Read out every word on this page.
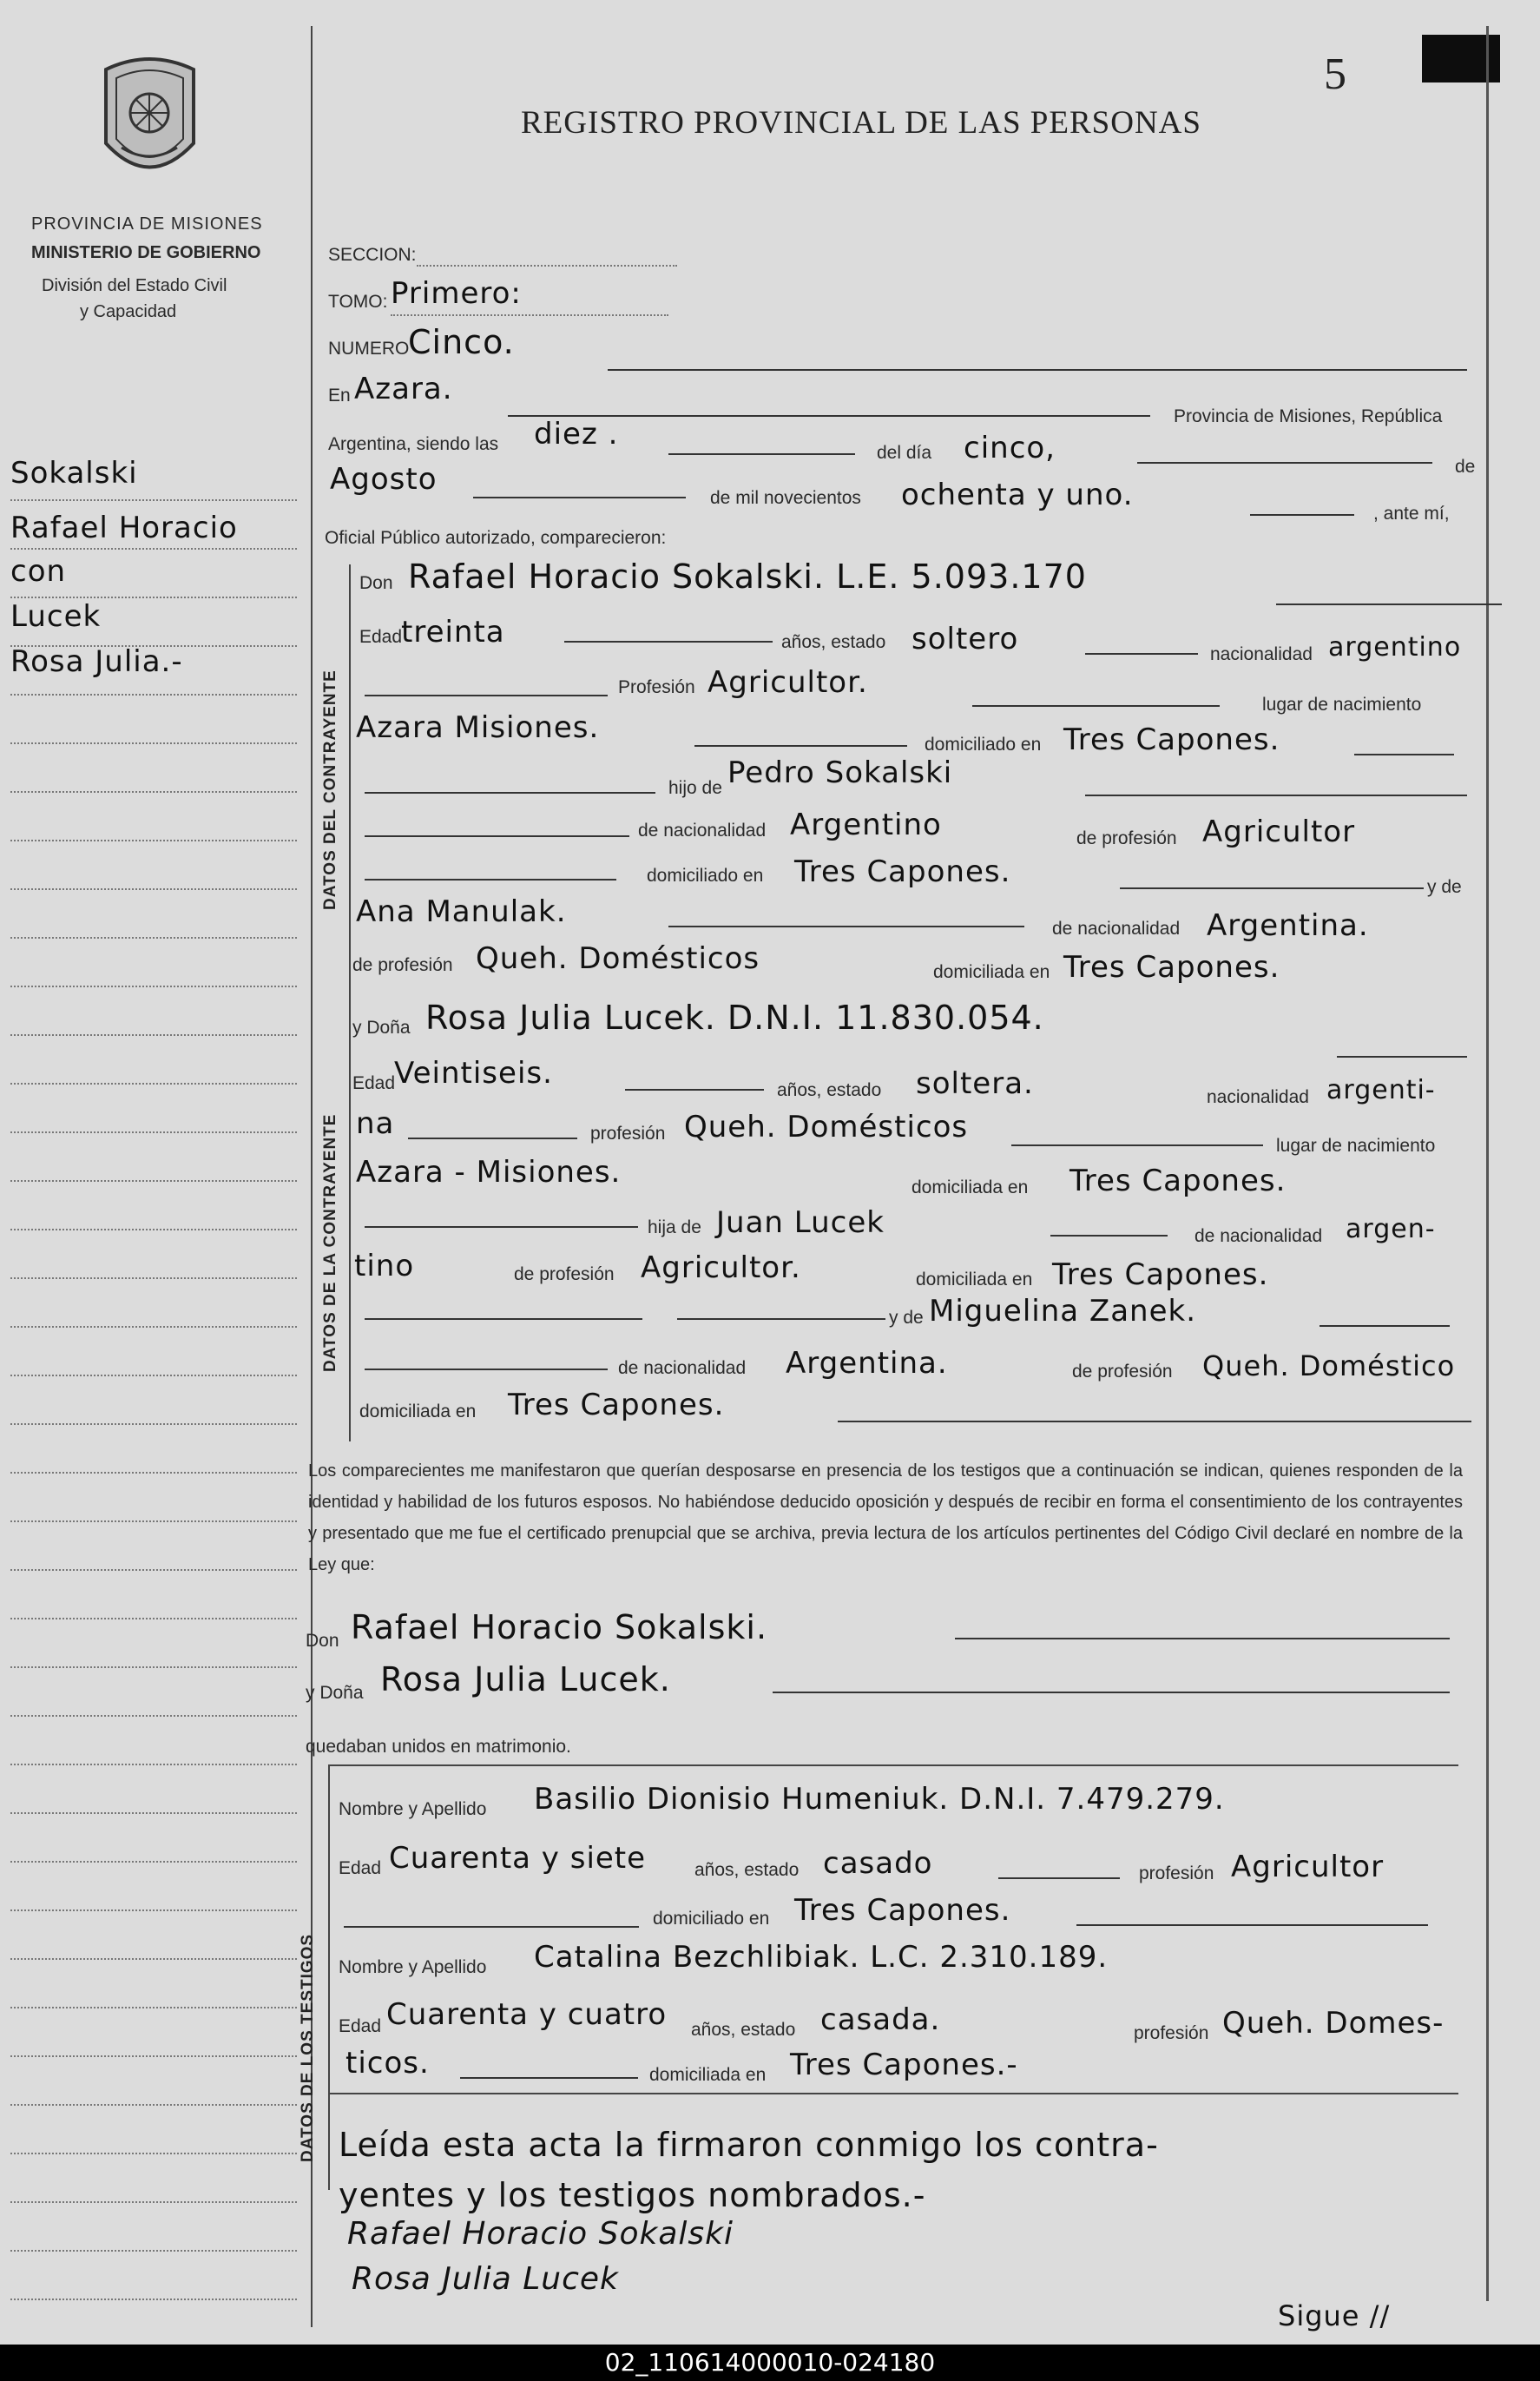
5
REGISTRO PROVINCIAL DE LAS PERSONAS
PROVINCIA DE MISIONES
MINISTERIO DE GOBIERNO
División del Estado Civil
y Capacidad
Sokalski
Rafael Horacio
con
Lucek
Rosa Julia.-
SECCION:
TOMO: Primero:
NUMERO
Cinco.
En Azara.
Provincia de Misiones, República
Argentina, siendo las diez .
del día cinco,
de
Agosto
de mil novecientos ochenta y uno.
, ante mí,
Oficial Público autorizado, comparecieron:
DATOS DEL CONTRAYENTE
Don Rafael Horacio Sokalski. L.E. 5.093.170
Edad
treinta	años, estado soltero	nacionalidad argentino
Profesión Agricultor.
lugar de nacimiento
Azara Misiones.	domiciliado en Tres Capones.
hijo de Pedro Sokalski
de nacionalidad Argentino	de profesión Agricultor
domiciliado en Tres Capones.	y de
Ana Manulak.	de nacionalidad Argentina.
de profesión Queh. Domésticos	domiciliada en Tres Capones.
DATOS DE LA CONTRAYENTE
y Doña Rosa Julia Lucek. D.N.I. 11.830.054.
Edad
Veintiseis.	años, estado soltera.	nacionalidad argenti-
na	profesión Queh. Domésticos
lugar de nacimiento
Azara - Misiones.	domiciliada en Tres Capones.
hija de Juan Lucek	de nacionalidad argen-
tino	de profesión Agricultor.	domiciliada en Tres Capones.
y de Miguelina Zanek.
de nacionalidad Argentina.	de profesión Queh. Doméstico
domiciliada en Tres Capones.
Los comparecientes me manifestaron que querían desposarse en presencia de los testigos que a continuación se indican, quienes responden de la identidad y habilidad de los futuros esposos. No habiéndose deducido oposición y después de recibir en forma el consentimiento de los contrayentes y presentado que me fue el certificado prenupcial que se archiva, previa lectura de los artículos pertinentes del Código Civil declaré en nombre de la Ley que:
Don Rafael Horacio Sokalski.
y Doña Rosa Julia Lucek.
quedaban unidos en matrimonio.
DATOS DE LOS TESTIGOS
Nombre y Apellido Basilio Dionisio Humeniuk. D.N.I. 7.479.279.
Edad Cuarenta y siete	años, estado casado	profesión Agricultor
domiciliado en Tres Capones.
Nombre y Apellido Catalina Bezchlibiak. L.C. 2.310.189.
Edad Cuarenta y cuatro años, estado casada.	profesión Queh. Domes-
ticos.	domiciliada en Tres Capones.-
Leída esta acta la firmaron conmigo los contra-
yentes y los testigos nombrados.-
Rafael Horacio Sokalski
Rosa Julia Lucek
Sigue //
02_110614000010-024180
